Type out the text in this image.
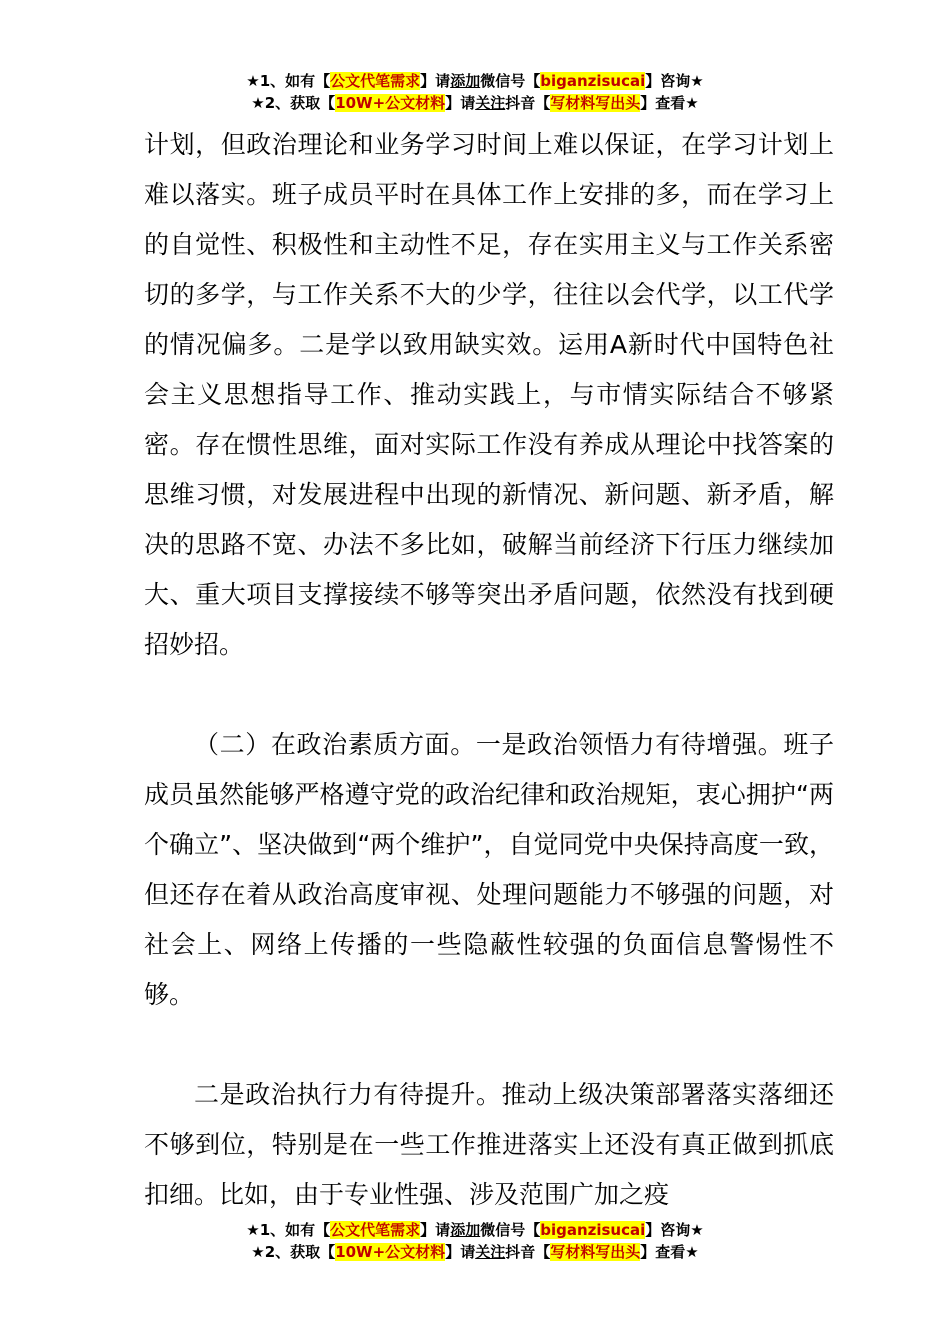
★1、如有【公文代笔需求】请添加微信号【biganzisucai】咨询★
★2、获取【10W+公文材料】请关注抖音【写材料写出头】查看★

计划，但政治理论和业务学习时间上难以保证，在学习计划上难以落实。班子成员平时在具体工作上安排的多，而在学习上的自觉性、积极性和主动性不足，存在实用主义与工作关系密切的多学，与工作关系不大的少学，往往以会代学，以工代学的情况偏多。二是学以致用缺实效。运用A新时代中国特色社会主义思想指导工作、推动实践上，与市情实际结合不够紧密。存在惯性思维，面对实际工作没有养成从理论中找答案的思维习惯，对发展进程中出现的新情况、新问题、新矛盾，解决的思路不宽、办法不多比如，破解当前经济下行压力继续加大、重大项目支撑接续不够等突出矛盾问题，依然没有找到硬招妙招。

（二）在政治素质方面。一是政治领悟力有待增强。班子成员虽然能够严格遵守党的政治纪律和政治规矩，衷心拥护“两个确立”、坚决做到“两个维护”，自觉同党中央保持高度一致，但还存在着从政治高度审视、处理问题能力不够强的问题，对社会上、网络上传播的一些隐蔽性较强的负面信息警惕性不够。

二是政治执行力有待提升。推动上级决策部署落实落细还不够到位，特别是在一些工作推进落实上还没有真正做到抓底扣细。比如，由于专业性强、涉及范围广加之疫

★1、如有【公文代笔需求】请添加微信号【biganzisucai】咨询★
★2、获取【10W+公文材料】请关注抖音【写材料写出头】查看★
